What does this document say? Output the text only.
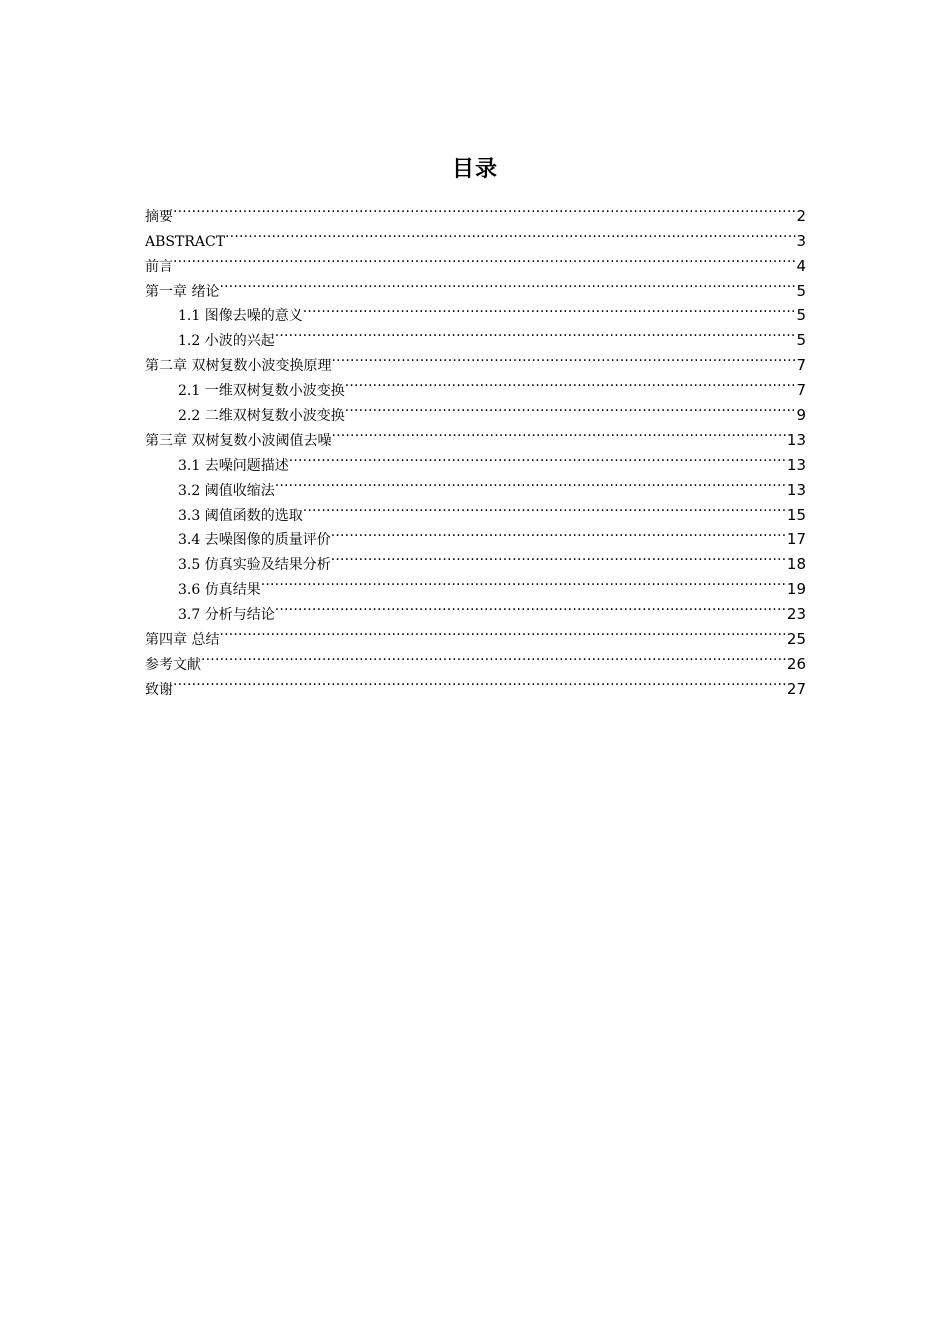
目录
摘要 .....	2
ABSTRACT .....	3
前言 .....	4
第一章 绪论 .....	5
1.1 图像去噪的意义 .....	5
1.2 小波的兴起 .....	5
第二章 双树复数小波变换原理 .....	7
2.1 一维双树复数小波变换 .....	7
2.2 二维双树复数小波变换 .....	9
第三章 双树复数小波阈值去噪 .....	13
3.1 去噪问题描述 .....	13
3.2 阈值收缩法 .....	13
3.3 阈值函数的选取 .....	15
3.4 去噪图像的质量评价 .....	17
3.5 仿真实验及结果分析 .....	18
3.6 仿真结果 .....	19
3.7 分析与结论 .....	23
第四章 总结 .....	25
参考文献 .....	26
致谢 .....	27
